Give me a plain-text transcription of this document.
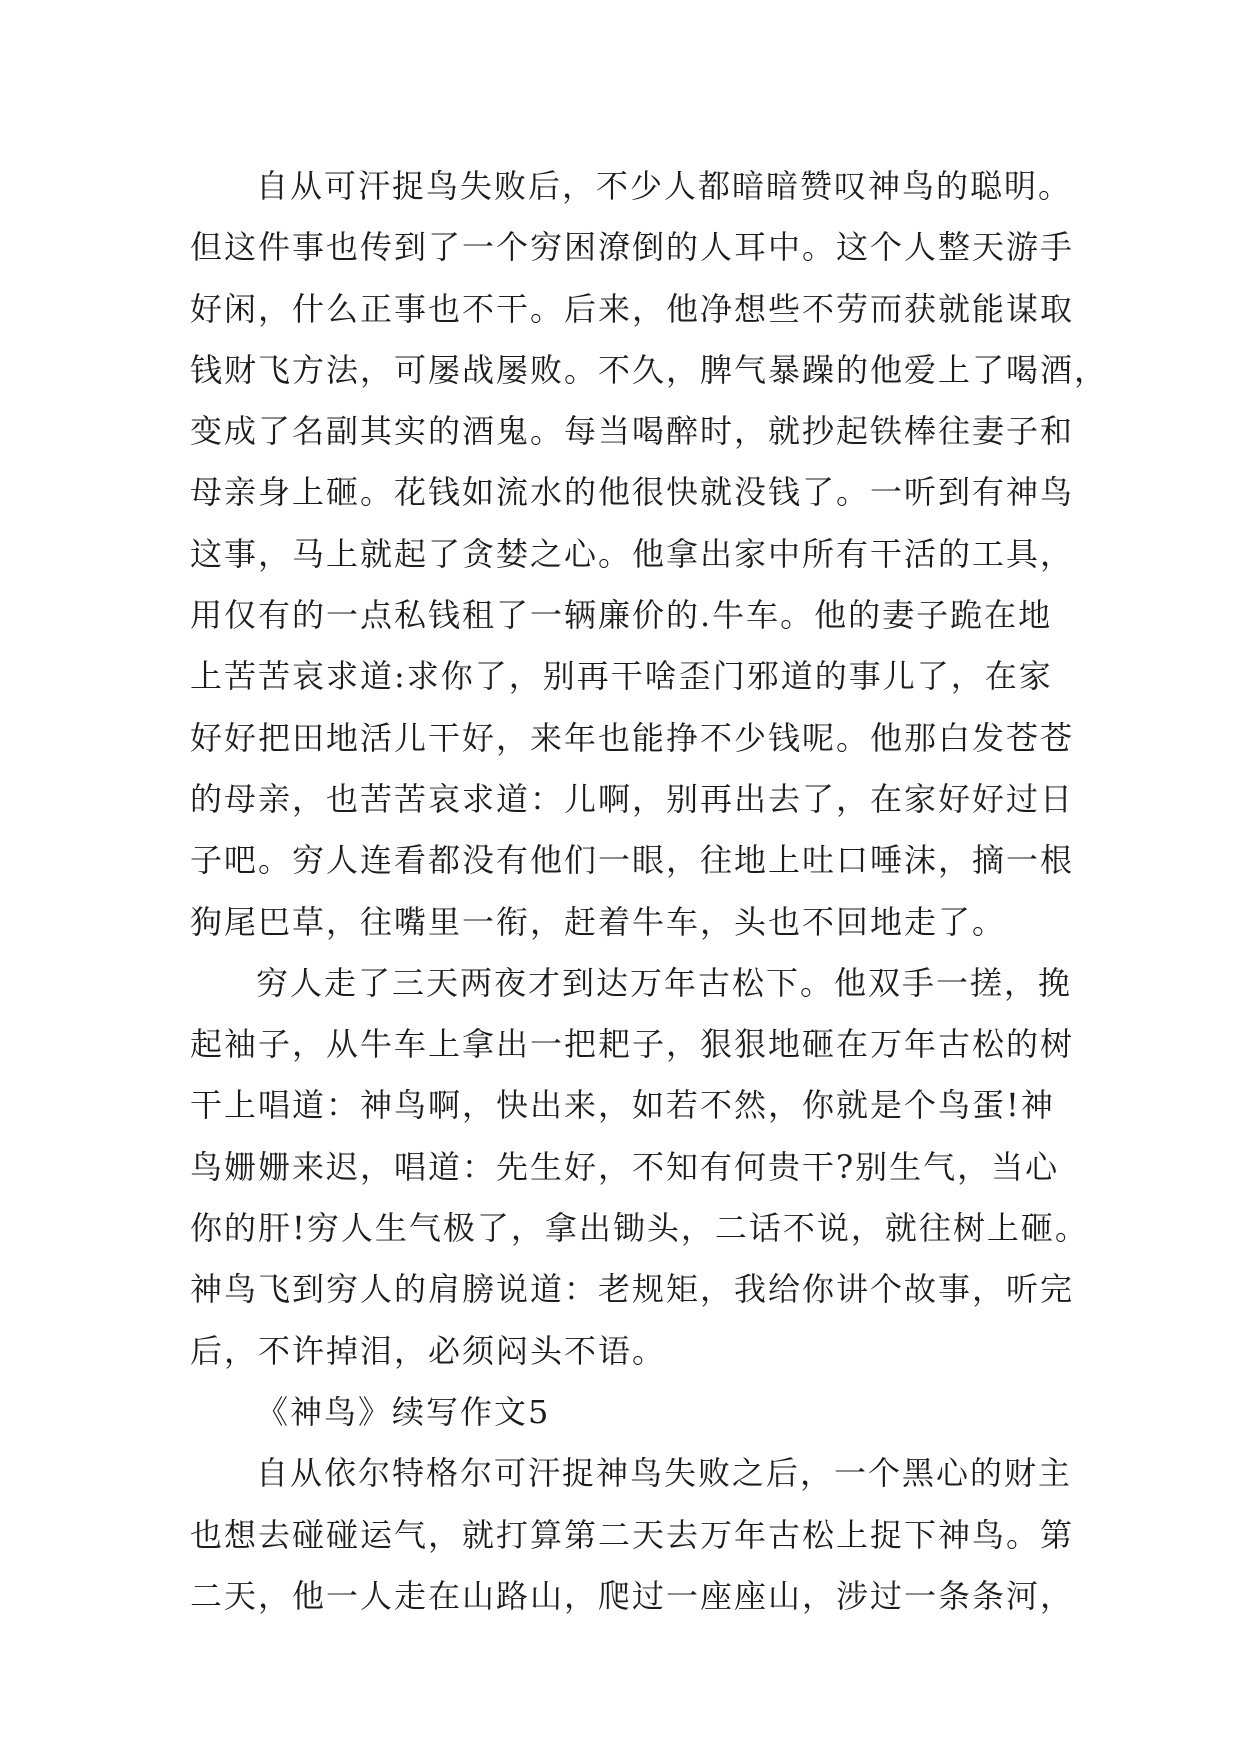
自从可汗捉鸟失败后，不少人都暗暗赞叹神鸟的聪明。
但这件事也传到了一个穷困潦倒的人耳中。这个人整天游手
好闲，什么正事也不干。后来，他净想些不劳而获就能谋取
钱财飞方法，可屡战屡败。不久，脾气暴躁的他爱上了喝酒，
变成了名副其实的酒鬼。每当喝醉时，就抄起铁棒往妻子和
母亲身上砸。花钱如流水的他很快就没钱了。一听到有神鸟
这事，马上就起了贪婪之心。他拿出家中所有干活的工具，
用仅有的一点私钱租了一辆廉价的.牛车。他的妻子跪在地
上苦苦哀求道:求你了，别再干啥歪门邪道的事儿了，在家
好好把田地活儿干好，来年也能挣不少钱呢。他那白发苍苍
的母亲，也苦苦哀求道：儿啊，别再出去了，在家好好过日
子吧。穷人连看都没有他们一眼，往地上吐口唾沫，摘一根
狗尾巴草，往嘴里一衔，赶着牛车，头也不回地走了。
穷人走了三天两夜才到达万年古松下。他双手一搓，挽
起袖子，从牛车上拿出一把耙子，狠狠地砸在万年古松的树
干上唱道：神鸟啊，快出来，如若不然，你就是个鸟蛋!神
鸟姗姗来迟，唱道：先生好，不知有何贵干?别生气，当心
你的肝!穷人生气极了，拿出锄头，二话不说，就往树上砸。
神鸟飞到穷人的肩膀说道：老规矩，我给你讲个故事，听完
后，不许掉泪，必须闷头不语。
《神鸟》续写作文5
自从依尔特格尔可汗捉神鸟失败之后，一个黑心的财主
也想去碰碰运气，就打算第二天去万年古松上捉下神鸟。第
二天，他一人走在山路山，爬过一座座山，涉过一条条河，
